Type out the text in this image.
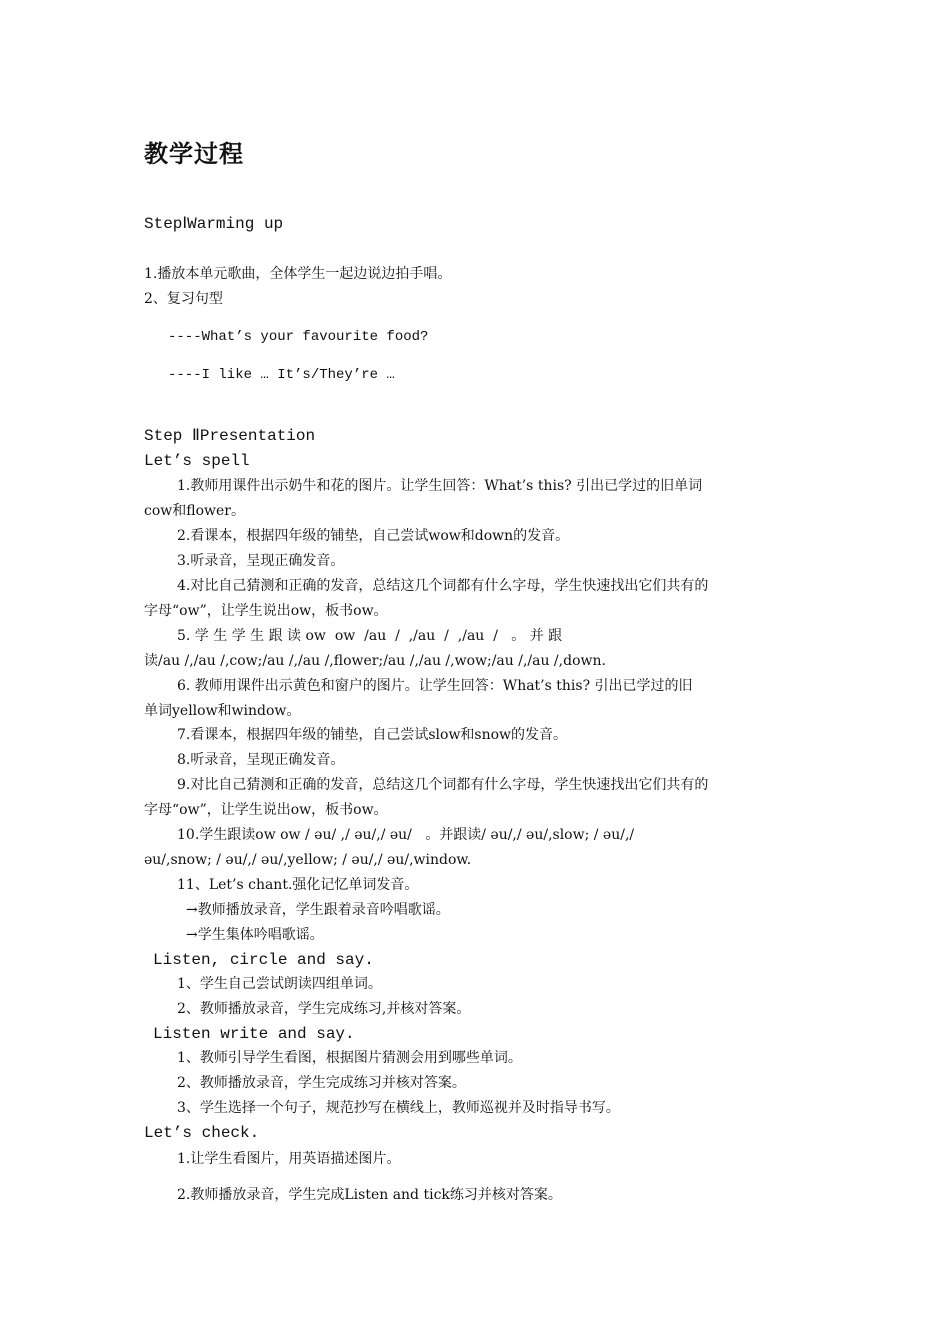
教学过程
StepⅠWarming up
1.播放本单元歌曲，全体学生一起边说边拍手唱。
2、复习句型
----What’s your favourite food?
----I like … It’s/They’re …
Step ⅡPresentation
Let’s spell
1.教师用课件出示奶牛和花的图片。让学生回答：What’s this? 引出已学过的旧单词
cow和flower。
2.看课本，根据四年级的铺垫，自己尝试wow和down的发音。
3.听录音，呈现正确发音。
4.对比自己猜测和正确的发音，总结这几个词都有什么字母，学生快速找出它们共有的
字母“ow”，让学生说出ow，板书ow。
5. 学 生 学 生 跟 读 ow  ow  /au  /  ,/au  /  ,/au  /   。 并 跟
读/au /,/au /,cow;/au /,/au /,flower;/au /,/au /,wow;/au /,/au /,down.
6. 教师用课件出示黄色和窗户的图片。让学生回答：What’s this? 引出已学过的旧
单词yellow和window。
7.看课本，根据四年级的铺垫，自己尝试slow和snow的发音。
8.听录音，呈现正确发音。
9.对比自己猜测和正确的发音，总结这几个词都有什么字母，学生快速找出它们共有的
字母“ow”，让学生说出ow，板书ow。
10.学生跟读ow ow / əu/ ,/ əu/,/ əu/   。并跟读/ əu/,/ əu/,slow; / əu/,/
əu/,snow; / əu/,/ əu/,yellow; / əu/,/ əu/,window.
11、Let’s chant.强化记忆单词发音。
→教师播放录音，学生跟着录音吟唱歌谣。
→学生集体吟唱歌谣。
Listen, circle and say.
1、学生自己尝试朗读四组单词。
2、教师播放录音，学生完成练习,并核对答案。
Listen write and say.
1、教师引导学生看图，根据图片猜测会用到哪些单词。
2、教师播放录音，学生完成练习并核对答案。
3、学生选择一个句子，规范抄写在横线上，教师巡视并及时指导书写。
Let’s check.
1.让学生看图片，用英语描述图片。
2.教师播放录音，学生完成Listen and tick练习并核对答案。
